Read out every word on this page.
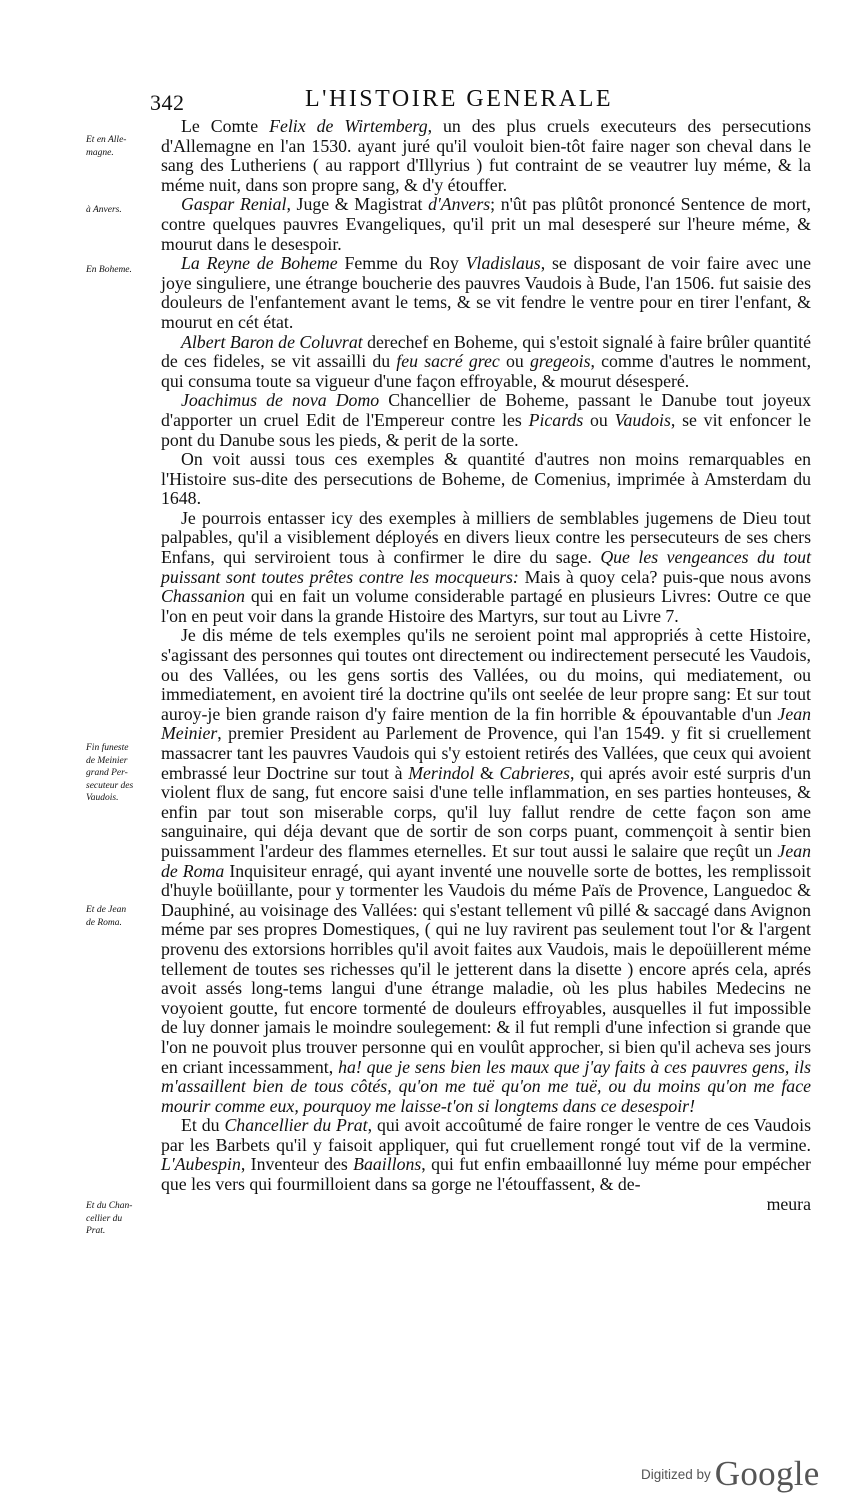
342	L'HISTOIRE GENERALE
Et en Alle-
magne.
à Anvers.
En Boheme.
Fin funeste
de Meinier
grand Per-
secuteur des
Vaudois.
Et de Jean
de Roma.
Et du Chan-
cellier du
Prat.

Le Comte Felix de Wirtemberg, un des plus cruels executeurs des persecutions d'Allemagne en l'an 1530. ayant juré qu'il vouloit bien-tôt faire nager son cheval dans le sang des Lutheriens ( au rapport d'Illyrius ) fut contraint de se veautrer luy méme, & la méme nuit, dans son propre sang, & d'y étouffer.

Gaspar Renial, Juge & Magistrat d'Anvers; n'ût pas plûtôt prononcé Sentence de mort, contre quelques pauvres Evangeliques, qu'il prit un mal desesperé sur l'heure méme, & mourut dans le desespoir.

La Reyne de Boheme Femme du Roy Vladislaus, se disposant de voir faire avec une joye singuliere, une étrange boucherie des pauvres Vaudois à Bude, l'an 1506. fut saisie des douleurs de l'enfantement avant le tems, & se vit fendre le ventre pour en tirer l'enfant, & mourut en cét état.

Albert Baron de Coluvrat derechef en Boheme, qui s'estoit signalé à faire brûler quantité de ces fideles, se vit assailli du feu sacré grec ou gregeois, comme d'autres le nomment, qui consuma toute sa vigueur d'une façon effroyable, & mourut désesperé.

Joachimus de nova Domo Chancellier de Boheme, passant le Danube tout joyeux d'apporter un cruel Edit de l'Empereur contre les Picards ou Vaudois, se vit enfoncer le pont du Danube sous les pieds, & perit de la sorte.

On voit aussi tous ces exemples & quantité d'autres non moins remarquables en l'Histoire sus-dite des persecutions de Boheme, de Comenius, imprimée à Amsterdam du 1648.

Je pourrois entasser icy des exemples à milliers de semblables jugemens de Dieu tout palpables, qu'il a visiblement déployés en divers lieux contre les persecuteurs de ses chers Enfans, qui serviroient tous à confirmer le dire du sage. Que les vengeances du tout puissant sont toutes prêtes contre les mocqueurs: Mais à quoy cela? puis-que nous avons Chassanion qui en fait un volume considerable partagé en plusieurs Livres: Outre ce que l'on en peut voir dans la grande Histoire des Martyrs, sur tout au Livre 7.

Je dis méme de tels exemples qu'ils ne seroient point mal appropriés à cette Histoire, s'agissant des personnes qui toutes ont directement ou indirectement persecuté les Vaudois, ou des Vallées, ou les gens sortis des Vallées, ou du moins, qui mediatement, ou immediatement, en avoient tiré la doctrine qu'ils ont seelée de leur propre sang: Et sur tout auroy-je bien grande raison d'y faire mention de la fin horrible & épouvantable d'un Jean Meinier, premier President au Parlement de Provence, qui l'an 1549. y fit si cruellement massacrer tant les pauvres Vaudois qui s'y estoient retirés des Vallées, que ceux qui avoient embrassé leur Doctrine sur tout à Merindol & Cabrieres, qui aprés avoir esté surpris d'un violent flux de sang, fut encore saisi d'une telle inflammation, en ses parties honteuses, & enfin par tout son miserable corps, qu'il luy fallut rendre de cette façon son ame sanguinaire, qui déja devant que de sortir de son corps puant, commençoit à sentir bien puissamment l'ardeur des flammes eternelles. Et sur tout aussi le salaire que reçût un Jean de Roma Inquisiteur enragé, qui ayant inventé une nouvelle sorte de bottes, les remplissoit d'huyle boüillante, pour y tormenter les Vaudois du méme Païs de Provence, Languedoc & Dauphiné, au voisinage des Vallées: qui s'estant tellement vû pillé & saccagé dans Avignon méme par ses propres Domestiques, ( qui ne luy ravirent pas seulement tout l'or & l'argent provenu des extorsions horribles qu'il avoit faites aux Vaudois, mais le depoüillerent méme tellement de toutes ses richesses qu'il le jetterent dans la disette ) encore aprés cela, aprés avoit assés long-tems langui d'une étrange maladie, où les plus habiles Medecins ne voyoient goutte, fut encore tormenté de douleurs effroyables, ausquelles il fut impossible de luy donner jamais le moindre soulegement: & il fut rempli d'une infection si grande que l'on ne pouvoit plus trouver personne qui en voulût approcher, si bien qu'il acheva ses jours en criant incessamment, ha! que je sens bien les maux que j'ay faits à ces pauvres gens, ils m'assaillent bien de tous côtés, qu'on me tuë qu'on me tuë, ou du moins qu'on me face mourir comme eux, pourquoy me laisse-t'on si longtems dans ce desespoir!

Et du Chancellier du Prat, qui avoit accoûtumé de faire ronger le ventre de ces Vaudois par les Barbets qu'il y faisoit appliquer, qui fut cruellement rongé tout vif de la vermine. L'Aubespin, Inventeur des Baaillons, qui fut enfin embaaillonné luy méme pour empécher que les vers qui fourmilloient dans sa gorge ne l'étouffassent, & de-

meura

$^{Digitized by}$ Google
